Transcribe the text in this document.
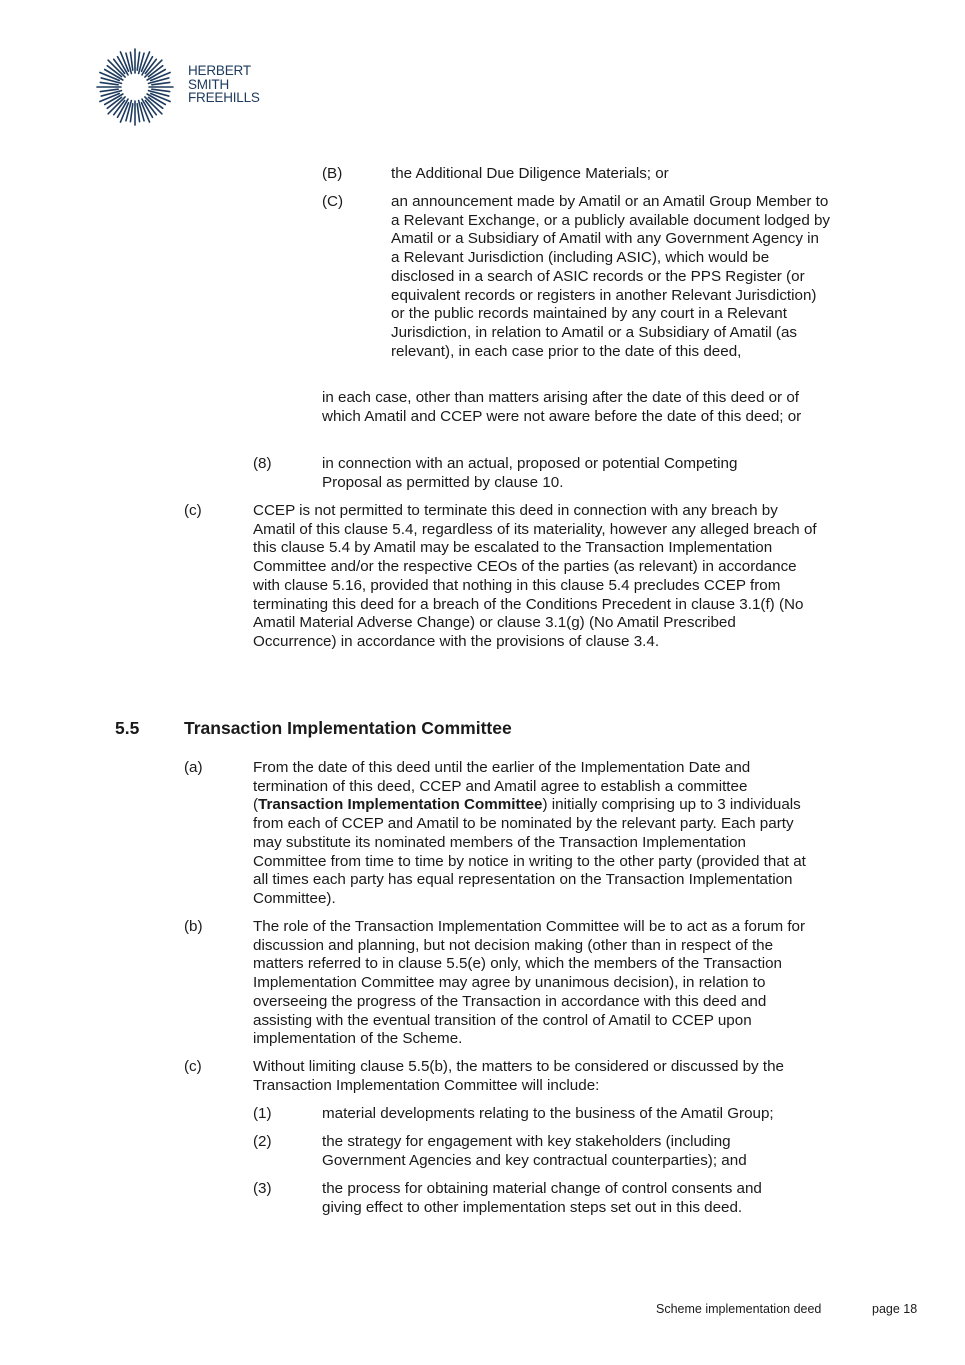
HERBERT
SMITH
FREEHILLS
(B)	the Additional Due Diligence Materials; or
(C)	an announcement made by Amatil or an Amatil Group Member to a Relevant Exchange, or a publicly available document lodged by Amatil or a Subsidiary of Amatil with any Government Agency in a Relevant Jurisdiction (including ASIC), which would be disclosed in a search of ASIC records or the PPS Register (or equivalent records or registers in another Relevant Jurisdiction) or the public records maintained by any court in a Relevant Jurisdiction, in relation to Amatil or a Subsidiary of Amatil (as relevant), in each case prior to the date of this deed,
in each case, other than matters arising after the date of this deed or of which Amatil and CCEP were not aware before the date of this deed; or
(8)	in connection with an actual, proposed or potential Competing Proposal as permitted by clause 10.
(c)	CCEP is not permitted to terminate this deed in connection with any breach by Amatil of this clause 5.4, regardless of its materiality, however any alleged breach of this clause 5.4 by Amatil may be escalated to the Transaction Implementation Committee and/or the respective CEOs of the parties (as relevant) in accordance with clause 5.16, provided that nothing in this clause 5.4 precludes CCEP from terminating this deed for a breach of the Conditions Precedent in clause 3.1(f) (No Amatil Material Adverse Change) or clause 3.1(g) (No Amatil Prescribed Occurrence) in accordance with the provisions of clause 3.4.
5.5	Transaction Implementation Committee
(a)	From the date of this deed until the earlier of the Implementation Date and termination of this deed, CCEP and Amatil agree to establish a committee (Transaction Implementation Committee) initially comprising up to 3 individuals from each of CCEP and Amatil to be nominated by the relevant party. Each party may substitute its nominated members of the Transaction Implementation Committee from time to time by notice in writing to the other party (provided that at all times each party has equal representation on the Transaction Implementation Committee).
(b)	The role of the Transaction Implementation Committee will be to act as a forum for discussion and planning, but not decision making (other than in respect of the matters referred to in clause 5.5(e) only, which the members of the Transaction Implementation Committee may agree by unanimous decision), in relation to overseeing the progress of the Transaction in accordance with this deed and assisting with the eventual transition of the control of Amatil to CCEP upon implementation of the Scheme.
(c)	Without limiting clause 5.5(b), the matters to be considered or discussed by the Transaction Implementation Committee will include:
(1)	material developments relating to the business of the Amatil Group;
(2)	the strategy for engagement with key stakeholders (including Government Agencies and key contractual counterparties); and
(3)	the process for obtaining material change of control consents and giving effect to other implementation steps set out in this deed.
Scheme implementation deed	page 18
